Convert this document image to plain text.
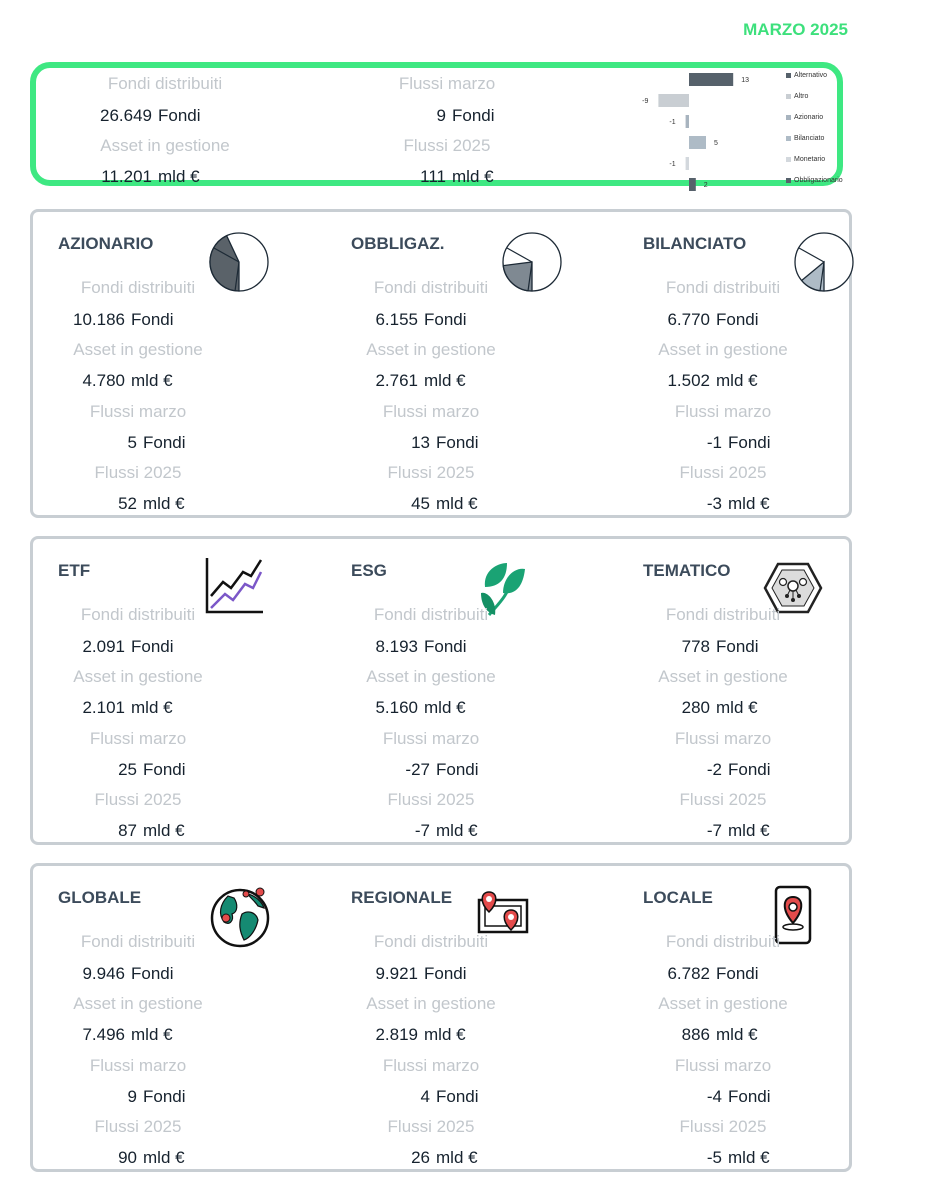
MARZO 2025
Fondi distribuiti
26.649 Fondi
Asset in gestione
11.201 mld €
Flussi marzo
9 Fondi
Flussi 2025
111 mld €
13
-9
-1
5
-1
2
Alternativo
Altro
Azionario
Bilanciato
Monetario
Obbligazionario
AZIONARIO
Fondi distribuiti
10.186 Fondi
Asset in gestione
4.780 mld €
Flussi marzo
5 Fondi
Flussi 2025
52 mld €
OBBLIGAZ.
Fondi distribuiti
6.155 Fondi
Asset in gestione
2.761 mld €
Flussi marzo
13 Fondi
Flussi 2025
45 mld €
BILANCIATO
Fondi distribuiti
6.770 Fondi
Asset in gestione
1.502 mld €
Flussi marzo
-1 Fondi
Flussi 2025
-3 mld €
ETF
Fondi distribuiti
2.091 Fondi
Asset in gestione
2.101 mld €
Flussi marzo
25 Fondi
Flussi 2025
87 mld €
ESG
Fondi distribuiti
8.193 Fondi
Asset in gestione
5.160 mld €
Flussi marzo
-27 Fondi
Flussi 2025
-7 mld €
TEMATICO
Fondi distribuiti
778 Fondi
Asset in gestione
280 mld €
Flussi marzo
-2 Fondi
Flussi 2025
-7 mld €
GLOBALE
Fondi distribuiti
9.946 Fondi
Asset in gestione
7.496 mld €
Flussi marzo
9 Fondi
Flussi 2025
90 mld €
REGIONALE
Fondi distribuiti
9.921 Fondi
Asset in gestione
2.819 mld €
Flussi marzo
4 Fondi
Flussi 2025
26 mld €
LOCALE
Fondi distribuiti
6.782 Fondi
Asset in gestione
886 mld €
Flussi marzo
-4 Fondi
Flussi 2025
-5 mld €
